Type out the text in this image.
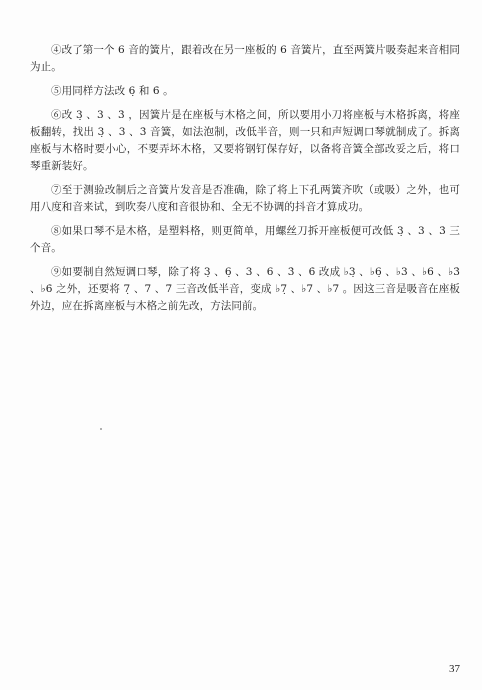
④改了第一个 6 音的簧片，跟着改在另一座板的 6 音簧片，直至两簧片吸奏起来音相同为止。

⑤用同样方法改 6̣ 和 6̇ 。

⑥改 3̣ 、3 、3̇ ，因簧片是在座板与木格之间，所以要用小刀将座板与木格拆离，将座板翻转，找出 3̣ 、3 、3̇ 音簧，如法泡制，改低半音，则一只和声短调口琴就制成了。拆离座板与木格时要小心，不要弄坏木格，又要将钢钉保存好，以备将音簧全部改妥之后，将口琴重新装好。

⑦至于测验改制后之音簧片发音是否准确，除了将上下孔两簧齐吹（或吸）之外，也可用八度和音来试，到吹奏八度和音很协和、全无不协调的抖音才算成功。

⑧如果口琴不是木格，是塑料格，则更简单，用螺丝刀拆开座板便可改低 3̣ 、3 、3̇ 三个音。

⑨如要制自然短调口琴，除了将 3̣ 、6̣ 、3 、6 、3̇ 、6̇ 改成 ♭3̣ 、♭6̣ 、♭3 、♭6 、♭3̇ 、♭6̇ 之外，还要将 7̣ 、7 、7̇ 三音改低半音，变成 ♭7̣ 、♭7 、♭7̇ 。因这三音是吸音在座板外边，应在拆离座板与木格之前先改，方法同前。

37
